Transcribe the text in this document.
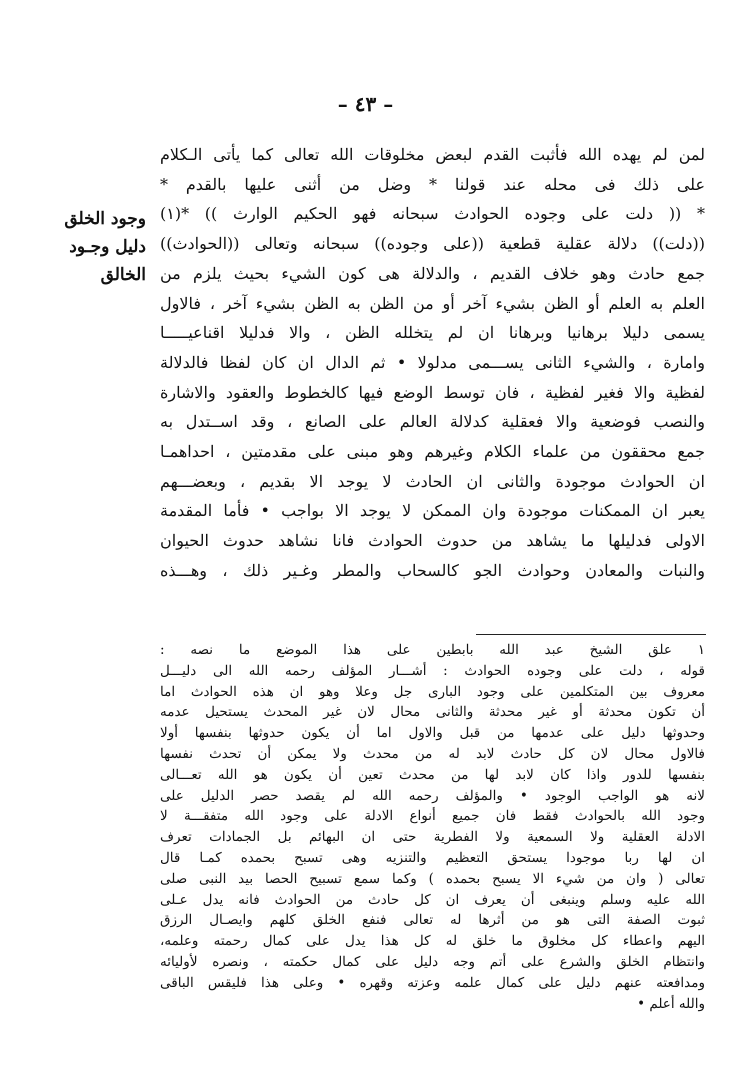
– ٤٣ –
وجود الخلق
دليل وجـود
الخالق
لمن لم يهده الله فأثبت القدم لبعض مخلوقات الله تعالى كما يأتى الـكلام
على ذلك فى محله عند قولنا * وضل من أثنى عليها بالقدم *
* (( دلت على وجوده الحوادث سبحانه فهو الحكيم الوارث )) *(١)
((دلت)) دلالة عقلية قطعية ((على وجوده)) سبحانه وتعالى ((الحوادث))
جمع حادث وهو خلاف القديم ، والدلالة هى كون الشيء بحيث يلزم من
العلم به العلم أو الظن بشيء آخر أو من الظن به الظن بشيء آخر ، فالاول
يسمى دليلا برهانيا وبرهانا ان لم يتخلله الظن ، والا فدليلا اقناعيـــــا
وامارة ، والشيء الثانى يســـمى مدلولا • ثم الدال ان كان لفظا فالدلالة
لفظية والا فغير لفظية ، فان توسط الوضع فيها كالخطوط والعقود والاشارة
والنصب فوضعية والا فعقلية كدلالة العالم على الصانع ، وقد اســتدل به
جمع محققون من علماء الكلام وغيرهم وهو مبنى على مقدمتين ، احداهمـا
ان الحوادث موجودة والثانى ان الحادث لا يوجد الا بقديم ، وبعضـــهم
يعبر ان الممكنات موجودة وان الممكن لا يوجد الا بواجب • فأما المقدمة
الاولى فدليلها ما يشاهد من حدوث الحوادث فانا نشاهد حدوث الحيوان
والنبات والمعادن وحوادث الجو كالسحاب والمطر وغـير ذلك ، وهـــذه
١ علق الشيخ عبد الله بابطين على هذا الموضع ما نصه :
قوله ، دلت على وجوده الحوادث : أشـــار المؤلف رحمه الله الى دليـــل
معروف بين المتكلمين على وجود البارى جل وعلا وهو ان هذه الحوادث اما
أن تكون محدثة أو غير محدثة والثانى محال لان غير المحدث يستحيل عدمه
وحدوثها دليل على عدمها من قبل والاول اما أن يكون حدوثها بنفسها أولا
فالاول محال لان كل حادث لابد له من محدث ولا يمكن أن تحدث نفسها
بنفسها للدور واذا كان لابد لها من محدث تعين أن يكون هو الله تعـــالى
لانه هو الواجب الوجود • والمؤلف رحمه الله لم يقصد حصر الدليل على
وجود الله بالحوادث فقط فان جميع أنواع الادلة على وجود الله متفقـــة لا
الادلة العقلية ولا السمعية ولا الفطرية حتى ان البهائم بل الجمادات تعرف
ان لها ربا موجودا يستحق التعظيم والتنزيه وهى تسبح بحمده كمـا قال
تعالى ( وان من شيء الا يسبح بحمده ) وكما سمع تسبيح الحصا بيد النبى صلى
الله عليه وسلم وينبغى أن يعرف ان كل حادث من الحوادث فانه يدل عـلى
ثبوت الصفة التى هو من أثرها له تعالى فنفع الخلق كلهم وايصـال الرزق
اليهم واعطاء كل مخلوق ما خلق له كل هذا يدل على كمال رحمته وعلمه،
وانتظام الخلق والشرع على أتم وجه دليل على كمال حكمته ، ونصره لأوليائه
ومدافعته عنهم دليل على كمال علمه وعزته وقهره • وعلى هذا فليقس الباقى
والله أعلم •
